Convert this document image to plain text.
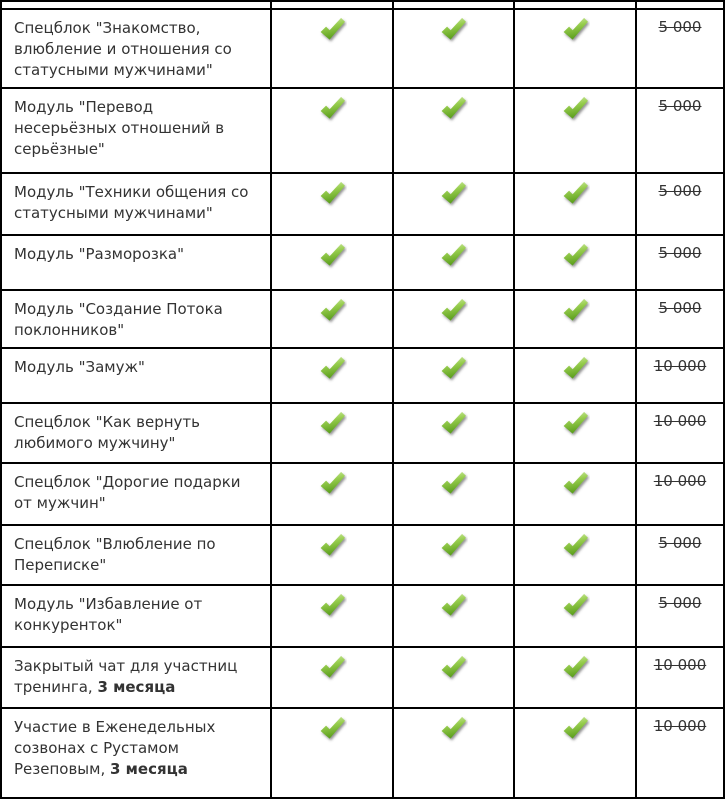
Спецблок "Знакомство, влюбление и отношения со статусными мужчинами"				5 000
Модуль "Перевод несерьёзных отношений в серьёзные"				5 000
Модуль "Техники общения со статусными мужчинами"				5 000
Модуль "Разморозка"				5 000
Модуль "Создание Потока поклонников"				5 000
Модуль "Замуж"				10 000
Спецблок "Как вернуть любимого мужчину"				10 000
Спецблок "Дорогие подарки от мужчин"				10 000
Спецблок "Влюбление по Переписке"				5 000
Модуль "Избавление от конкуренток"				5 000
Закрытый чат для участниц тренинга, 3 месяца				10 000
Участие в Еженедельных созвонах с Рустамом Резеповым, 3 месяца				10 000
